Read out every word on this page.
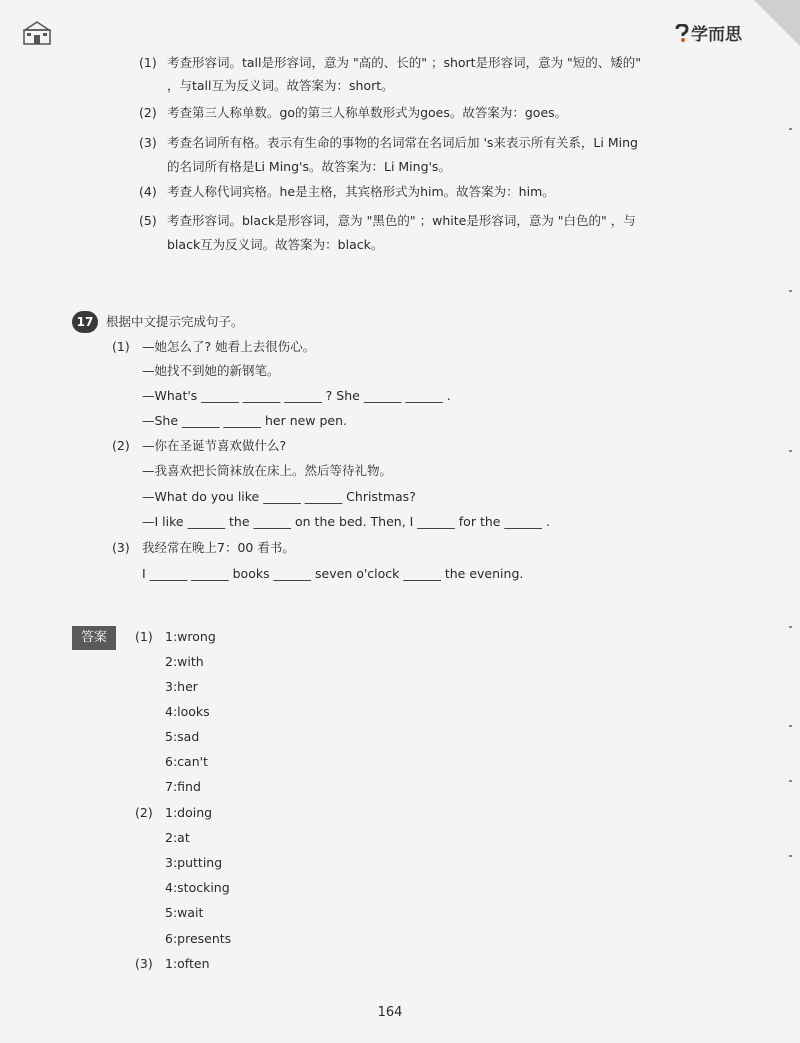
学而思
(1) 考查形容词。tall是形容词，意为 "高的、长的" ；short是形容词，意为 "短的、矮的"
，与tall互为反义词。故答案为：short。
(2) 考查第三人称单数。go的第三人称单数形式为goes。故答案为：goes。
(3) 考查名词所有格。表示有生命的事物的名词常在名词后加 's来表示所有关系，Li Ming
的名词所有格是Li Ming's。故答案为：Li Ming's。
(4) 考查人称代词宾格。he是主格，其宾格形式为him。故答案为：him。
(5) 考查形容词。black是形容词，意为 "黑色的" ；white是形容词，意为 "白色的" ，与
black互为反义词。故答案为：black。
17	根据中文提示完成句子。
(1) —她怎么了? 她看上去很伤心。
—她找不到她的新钢笔。
—What's ______ ______ ______ ? She ______ ______ .
—She ______ ______ her new pen.
(2) —你在圣诞节喜欢做什么?
—我喜欢把长筒袜放在床上。然后等待礼物。
—What do you like ______ ______ Christmas?
—I like ______ the ______ on the bed. Then, I ______ for the ______ .
(3) 我经常在晚上7：00 看书。
I ______ ______ books ______ seven o'clock ______ the evening.
答案	(1) 1:wrong
2:with
3:her
4:looks
5:sad
6:can't
7:find
(2) 1:doing
2:at
3:putting
4:stocking
5:wait
6:presents
(3) 1:often
164
